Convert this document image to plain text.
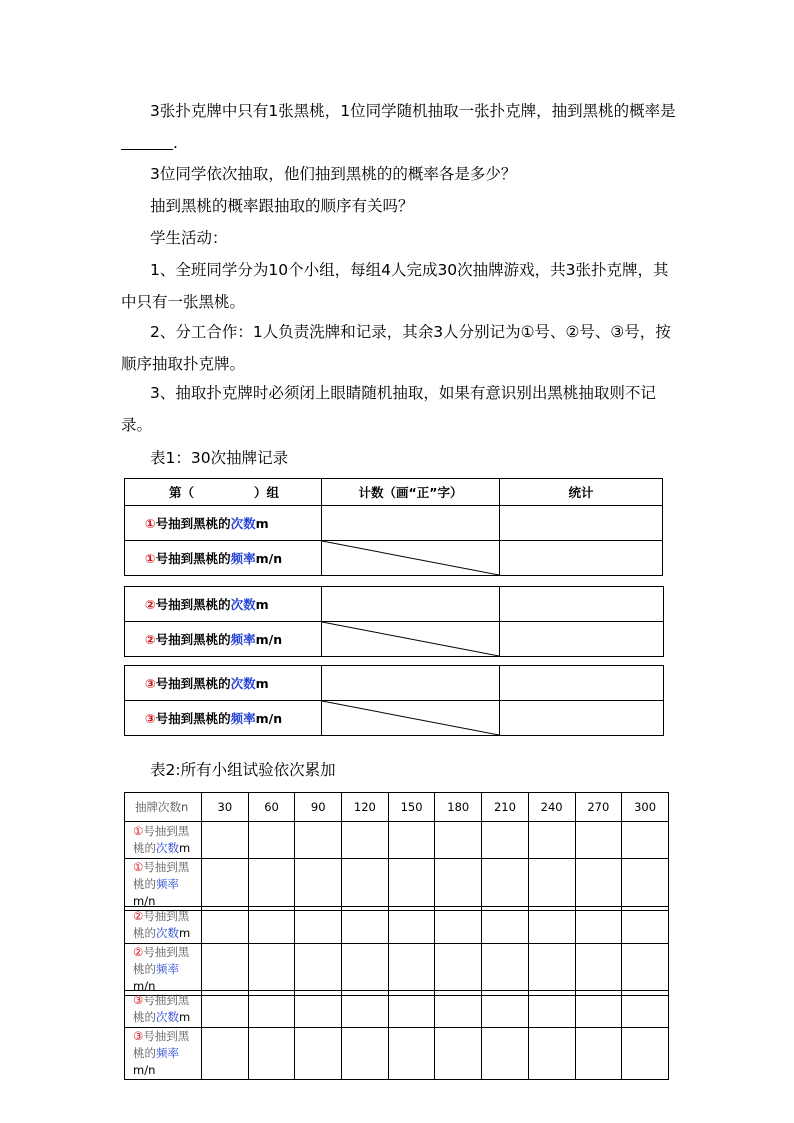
3张扑克牌中只有1张黑桃，1位同学随机抽取一张扑克牌，抽到黑桃的概率是.
3位同学依次抽取，他们抽到黑桃的的概率各是多少？
抽到黑桃的概率跟抽取的顺序有关吗？
学生活动：
1、全班同学分为10个小组，每组4人完成30次抽牌游戏，共3张扑克牌，其中只有一张黑桃。
2、分工合作：1人负责洗牌和记录，其余3人分别记为①号、②号、③号，按顺序抽取扑克牌。
3、抽取扑克牌时必须闭上眼睛随机抽取，如果有意识别出黑桃抽取则不记录。
表1：30次抽牌记录
第（ ）组	计数（画“正”字）	统计
①号抽到黑桃的次数m		
①号抽到黑桃的频率m/n	

②号抽到黑桃的次数m		
②号抽到黑桃的频率m/n	

③号抽到黑桃的次数m		
③号抽到黑桃的频率m/n	

表2:所有小组试验依次累加
抽牌次数n	30	60	90	120	150	180	210	240	270	300
①号抽到黑
桃的次数m										
①号抽到黑
桃的频率m/n										
②号抽到黑
桃的次数m										
②号抽到黑
桃的频率m/n										
③号抽到黑
桃的次数m										
③号抽到黑
桃的频率m/n										
